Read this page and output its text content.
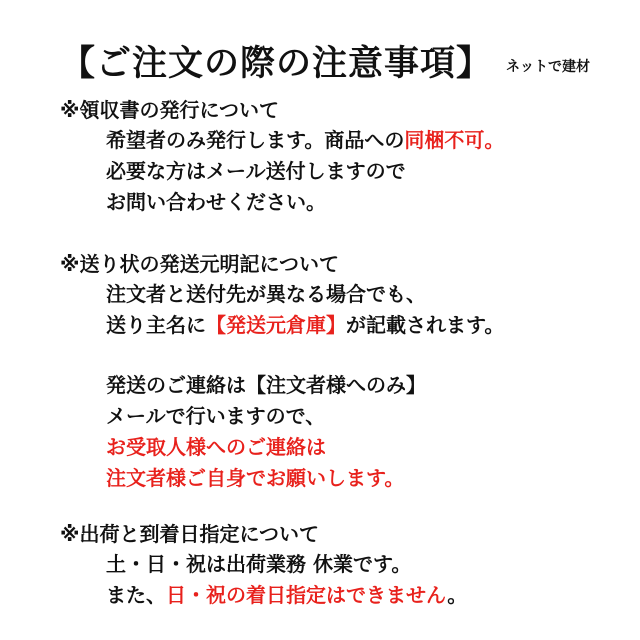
【ご注文の際の注意事項】 ネットで建材
※領収書の発行について
希望者のみ発行します。商品への同梱不可。
必要な方はメール送付しますので
お問い合わせください。
※送り状の発送元明記について
注文者と送付先が異なる場合でも、
送り主名に【発送元倉庫】が記載されます。
発送のご連絡は【注文者様へのみ】
メールで行いますので、
お受取人様へのご連絡は
注文者様ご自身でお願いします。
※出荷と到着日指定について
土・日・祝は出荷業務 休業です。
また、日・祝の着日指定はできません。
